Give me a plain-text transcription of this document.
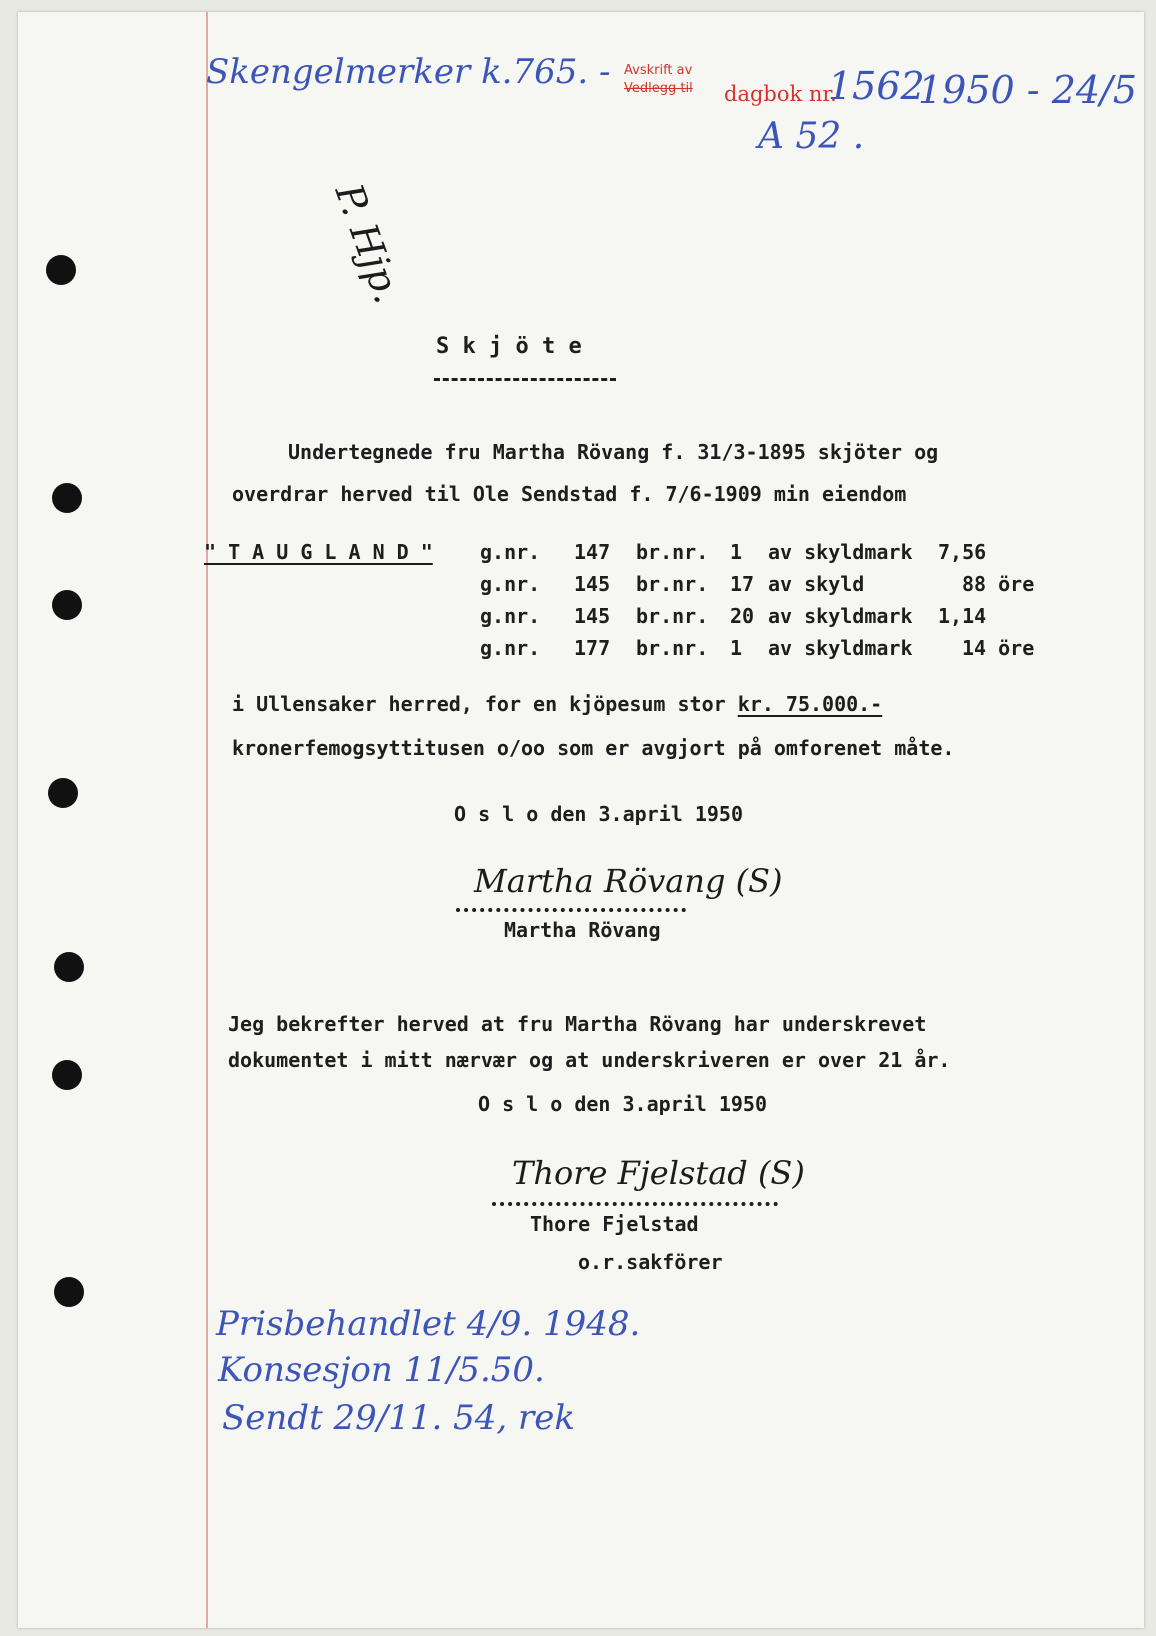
Skengelmerker k.765. - Avskrift av
Vedlegg til dagbok nr.
1562
1950 - 24/5
A 52 .
P. Hjp.
S k j ö t e
Undertegnede fru Martha Rövang f. 31/3-1895 skjöter og
overdrar herved til Ole Sendstad f. 7/6-1909 min eiendom
" T A U G L A N D " g.nr. 147 br.nr. 1 av skyldmark 7,56
g.nr. 145 br.nr. 17 av skyld	88 öre
g.nr. 145 br.nr. 20 av skyldmark 1,14
g.nr. 177 br.nr. 1 av skyldmark 14 öre
i Ullensaker herred, for en kjöpesum stor kr. 75.000.-
kronerfemogsyttitusen o/oo som er avgjort på omforenet måte.
O s l o den 3.april 1950
Martha Rövang (S)
Martha Rövang
Jeg bekrefter herved at fru Martha Rövang har underskrevet
dokumentet i mitt nærvær og at underskriveren er over 21 år.
O s l o den 3.april 1950
Thore Fjelstad (S)
Thore Fjelstad
o.r.sakförer
Prisbehandlet 4/9. 1948.
Konsesjon 11/5.50.
Sendt 29/11. 54, rek
